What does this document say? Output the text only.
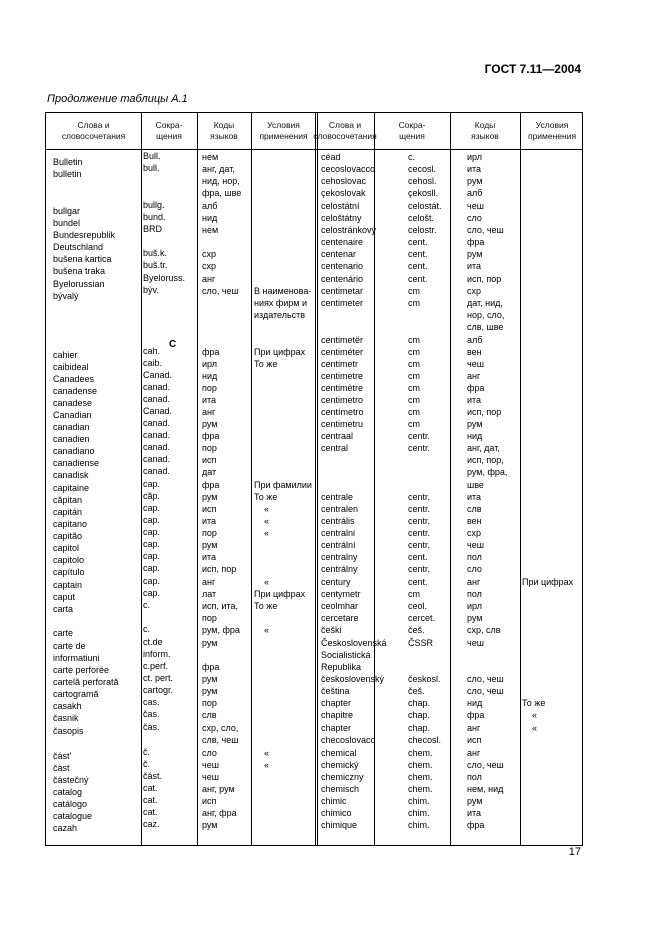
ГОСТ 7.11—2004
Продолжение таблицы А.1
Слова и
словосочетания
Сокра-
щения
Коды
языков
Условия
применения
Слова и
словосочетания
Сокра-
щения
Коды
языков
Условия
применения
С
Bulletin
bulletin
bullgar
bundel
Bundesrepublik
Deutschland
bušena kartica
bušena traka
Byelorussian
bývalý
cahier
caibideal
Canadees
canadense
canadese
Canadian
canadian
canadien
canadiano
canadiense
canadisk
capitaine
căpitan
capitán
capitano
capitão
capitol
capitolo
capítulo
captain
caput
carta
carte
carte de
informatiuni
carte perforée
cartelă perforată
cartogramă
casakh
časnik
časopis
část'
čàst
částečný
catalog
catálogo
catalogue
cazah
Bull.
bull.
bullg.
bund.
BRD
buš.k.
buš.tr.
Byeloruss.
býv.
cah.
caib.
Canad.
canad.
canad.
Canad.
canad.
canad.
canad.
canad.
canad.
cap.
căp.
cap.
cap.
cap.
cap.
cap.
cap.
cap.
cap.
c.
c.
ct.de
inform.
c.perf.
ct. pert.
cartogr.
cas.
čas.
čas.
č.
č.
část.
cat.
cat.
cat.
caz.
нем
анг, дат,
нид, нор,
фра, шве
алб
нид
нем
схр
схр
анг
сло, чеш
фра
ирл
нид
пор
ита
анг
рум
фра
пор
исп
дат
фра
рум
исп
ита
пор
рум
ита
исп, пор
анг
лат
исп, ита,
пор
рум, фра
рум
фра
рум
рум
пор
слв
схр, сло,
слв, чеш
сло
чеш
чеш
анг, рум
исп
анг, фра
рум
В наименова-
ниях фирм и
издательств
При цифрах
То же
При фамилии
То же
«
«
«
«
При цифрах
То же
«
«
«
céad
cecoslovacco
cehoslovac
çekoslovak
celostátní
celoštátny
celostránkový
centenaire
centenar
centenario
centenário
centimetar
centimeter
centimetër
centiméter
centimetr
centimetre
centimètre
centimetro
centímetro
centimetru
centraal
central
centrale
centralen
centrális
centralni
centrální
centralny
centrálny
century
centymetr
ceolmhar
cercetare
češki
Československá
Socialistická
Republika
československý
čeština
chapter
chapitre
chapter
checoslovaco
chemical
chemický
chemiczny
chemisch
chimic
chimico
chimique
c.
cecosl.
cehosl.
çekosll.
celostát.
celošt.
celostr.
cent.
cent.
cent.
cent.
cm
cm
cm
cm
cm
cm
cm
cm
cm
cm
centr.
centr.
centr.
centr.
centr.
centr.
centr.
cent.
centr.
cent.
cm
ceol.
cercet.
češ.
ČSSR
českosl.
češ.
chap.
chap.
chap.
checosl.
chem.
chem.
chem.
chem.
chim.
chim.
chim.
ирл
ита
рум
алб
чеш
сло
сло, чеш
фра
рум
ита
исп, пор
схр
дат, нид,
нор, сло,
слв, шве
алб
вен
чеш
анг
фра
ита
исп, пор
рум
нид
анг, дат,
исп, пор,
рум, фра,
шве
ита
слв
вен
схр
чеш
пол
сло
анг
пол
ирл
рум
схр, слв
чеш
сло, чеш
сло, чеш
нид
фра
анг
исп
анг
сло, чеш
пол
нем, нид
рум
ита
фра
При цифрах
То же
«
«
17
